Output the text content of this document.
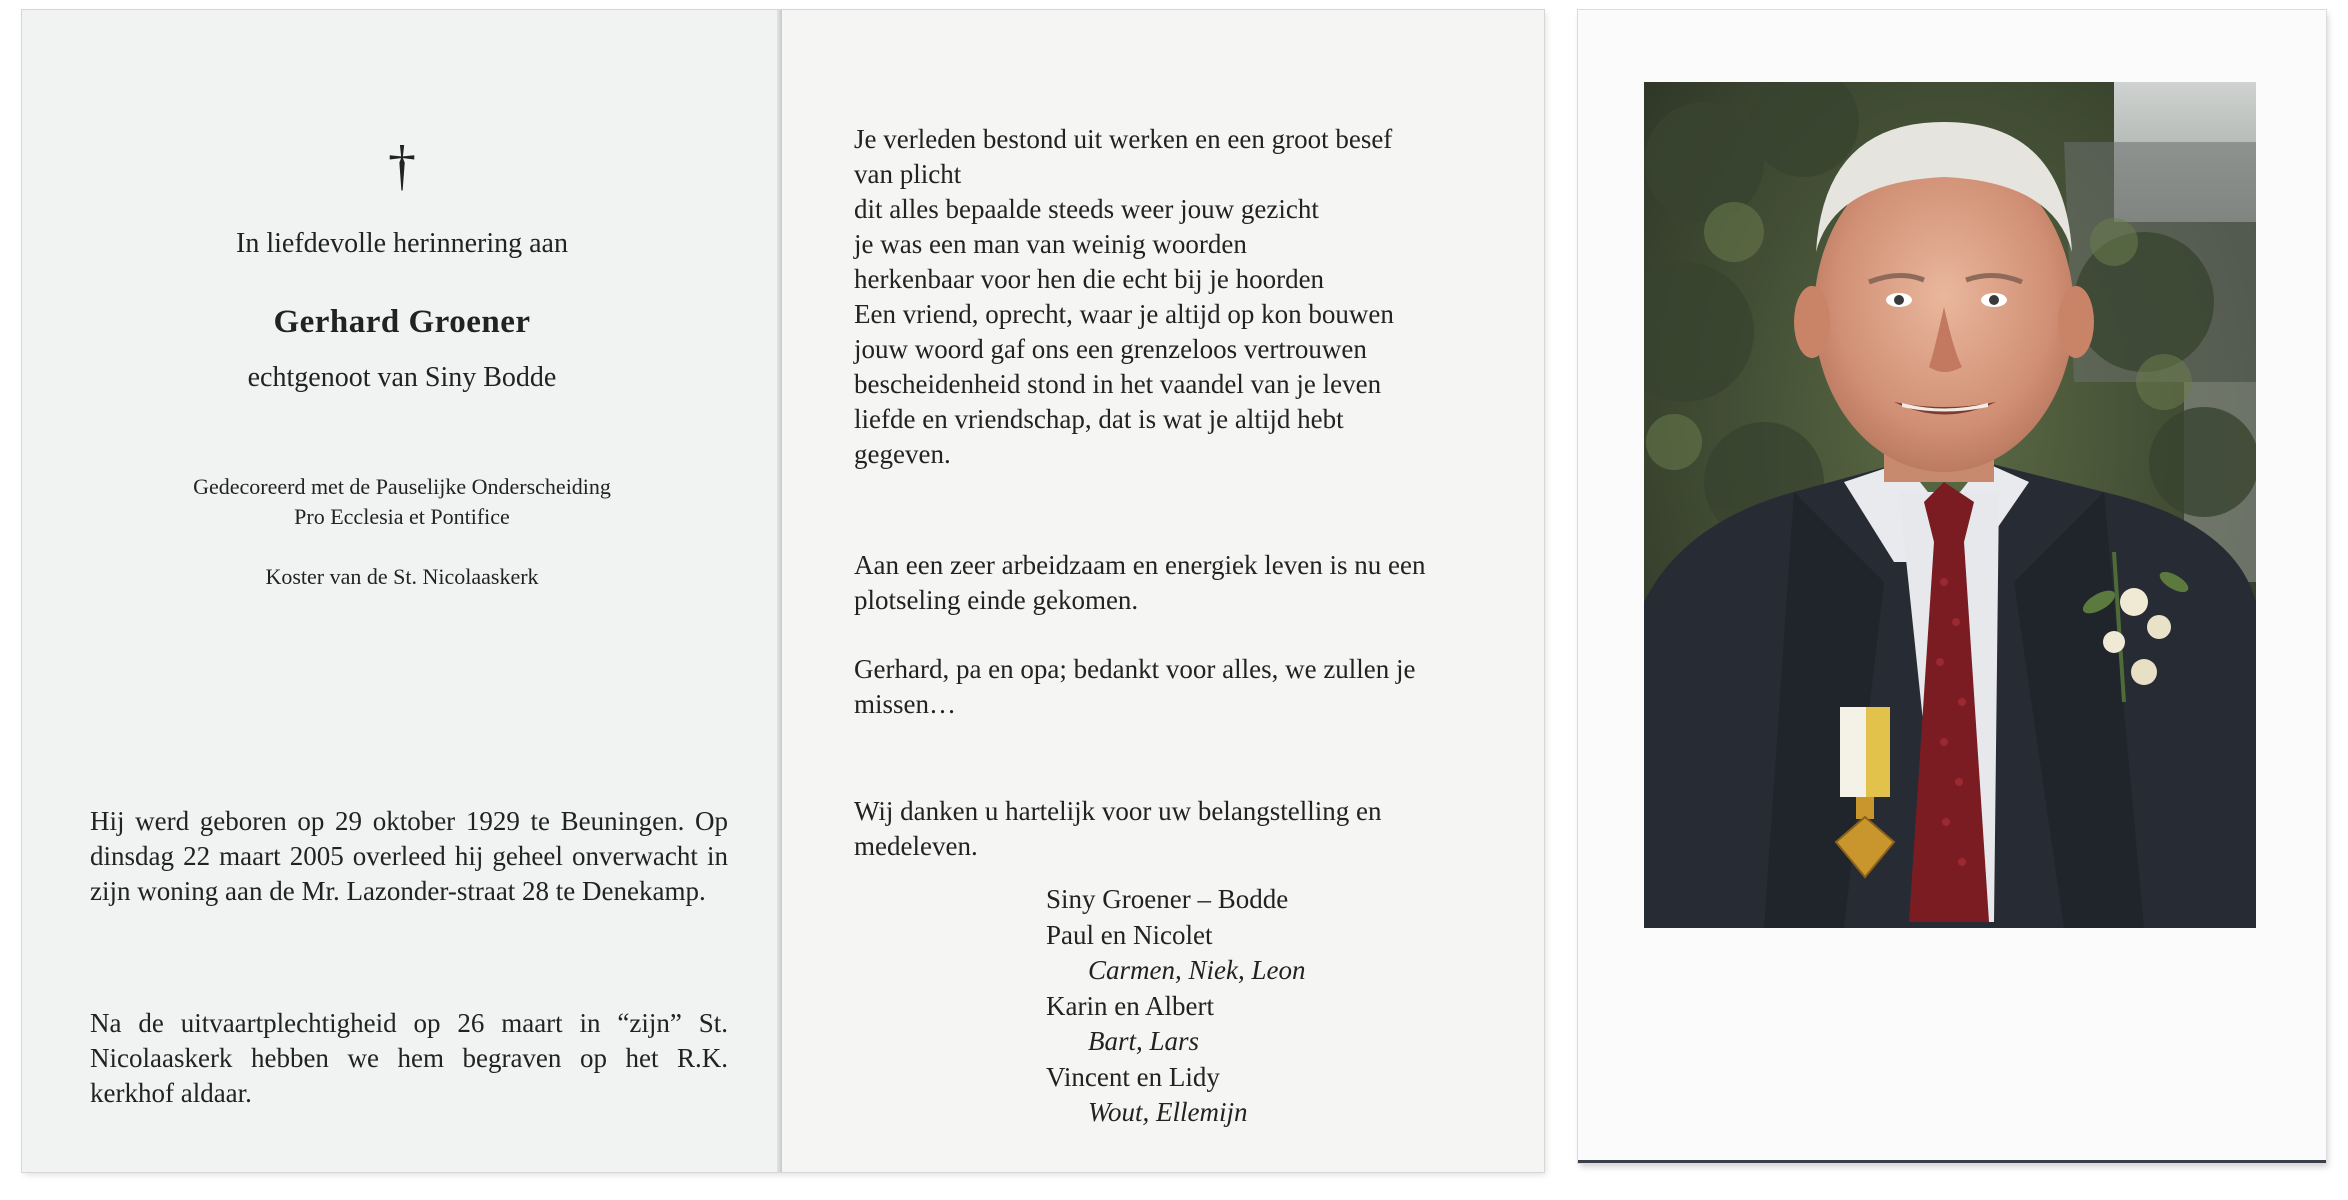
†
In liefdevolle herinnering aan
Gerhard Groener
echtgenoot van Siny Bodde
Gedecoreerd met de Pauselijke Onderscheiding
Pro Ecclesia et Pontifice
Koster van de St. Nicolaaskerk

Hij werd geboren op 29 oktober 1929 te Beuningen. Op dinsdag 22 maart 2005 overleed hij geheel onverwacht in zijn woning aan de Mr. Lazonder-straat 28 te Denekamp.

Na de uitvaartplechtigheid op 26 maart in “zijn” St. Nicolaaskerk hebben we hem begraven op het R.K. kerkhof aldaar.

Je verleden bestond uit werken en een groot besef
van plicht
dit alles bepaalde steeds weer jouw gezicht
je was een man van weinig woorden
herkenbaar voor hen die echt bij je hoorden
Een vriend, oprecht, waar je altijd op kon bouwen
jouw woord gaf ons een grenzeloos vertrouwen
bescheidenheid stond in het vaandel van je leven
liefde en vriendschap, dat is wat je altijd hebt
gegeven.
Aan een zeer arbeidzaam en energiek leven is nu een plotseling einde gekomen.
Gerhard, pa en opa; bedankt voor alles, we zullen je missen…
Wij danken u hartelijk voor uw belangstelling en medeleven.
Siny Groener – Bodde
Paul en Nicolet
Carmen, Niek, Leon
Karin en Albert
Bart, Lars
Vincent en Lidy
Wout, Ellemijn
